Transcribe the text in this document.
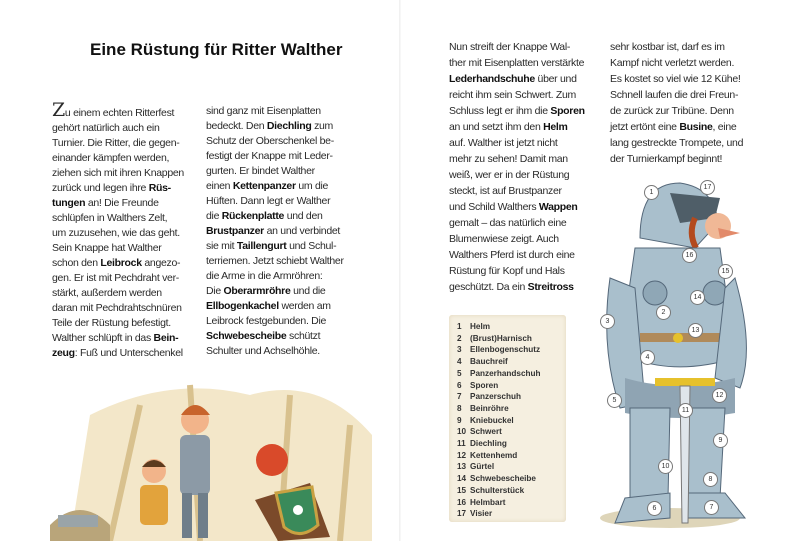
Eine Rüstung für Ritter Walther
Zu einem echten Ritterfest
gehört natürlich auch ein
Turnier. Die Ritter, die gegen-
einander kämpfen werden,
ziehen sich mit ihren Knappen
zurück und legen ihre Rüs-
tungen an! Die Freunde
schlüpfen in Walthers Zelt,
um zuzusehen, wie das geht.
Sein Knappe hat Walther
schon den Leibrock angezo-
gen. Er ist mit Pechdraht ver-
stärkt, außerdem werden
daran mit Pechdrahtschnüren
Teile der Rüstung befestigt.
Walther schlüpft in das Bein-
zeug: Fuß und Unterschenkel
sind ganz mit Eisenplatten
bedeckt. Den Diechling zum
Schutz der Oberschenkel be-
festigt der Knappe mit Leder-
gurten. Er bindet Walther
einen Kettenpanzer um die
Hüften. Dann legt er Walther
die Rückenplatte und den
Brustpanzer an und verbindet
sie mit Taillengurt und Schul-
terriemen. Jetzt schiebt Walther
die Arme in die Armröhren:
Die Oberarmröhre und die
Ellbogenkachel werden am
Leibrock festgebunden. Die
Schwebescheibe schützt
Schulter und Achselhöhle.
Nun streift der Knappe Wal-
ther mit Eisenplatten verstärkte
Lederhandschuhe über und
reicht ihm sein Schwert. Zum
Schluss legt er ihm die Sporen
an und setzt ihm den Helm
auf. Walther ist jetzt nicht
mehr zu sehen! Damit man
weiß, wer er in der Rüstung
steckt, ist auf Brustpanzer
und Schild Walthers Wappen
gemalt – das natürlich eine
Blumenwiese zeigt. Auch
Walthers Pferd ist durch eine
Rüstung für Kopf und Hals
geschützt. Da ein Streitross
sehr kostbar ist, darf es im
Kampf nicht verletzt werden.
Es kostet so viel wie 12 Kühe!
Schnell laufen die drei Freun-
de zurück zur Tribüne. Denn
jetzt ertönt eine Busine, eine
lang gestreckte Trompete, und
der Turnierkampf beginnt!
1 Helm
2 (Brust)Harnisch
3 Ellenbogenschutz
4 Bauchreif
5 Panzerhandschuh
6 Sporen
7 Panzerschuh
8 Beinröhre
9 Kniebuckel
10 Schwert
11 Diechling
12 Kettenhemd
13 Gürtel
14 Schwebescheibe
15 Schulterstück
16 Helmbart
17 Visier
1
17
16
15
14
2
3
13
4
12
5
11
9
10
8
7
6
